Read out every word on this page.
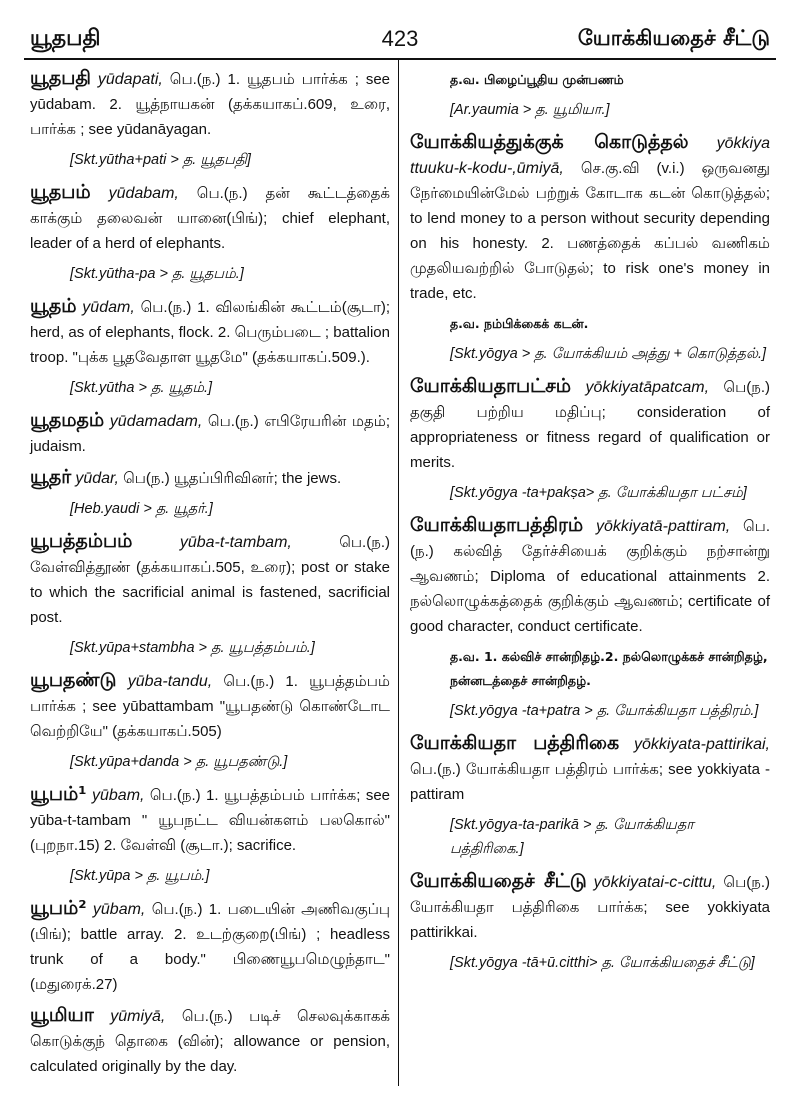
யூதபதி	423	யோக்கியதைச் சீட்டு
யூதபதி yūdapati, பெ.(ந.) 1. யூதபம் பார்க்க ; see yūdabam. 2. யூத்நாயகன் (தக்கயாகப்.609, உரை, பார்க்க ; see yūdanāyagan.
[Skt.yūtha+pati > த. யூதபதி]
யூதபம் yūdabam, பெ.(ந.) தன் கூட்டத்தைக் காக்கும் தலைவன் யானை(பிங்); chief elephant, leader of a herd of elephants.
[Skt.yūtha-pa > த. யூதபம்.]
யூதம் yūdam, பெ.(ந.) 1. விலங்கின் கூட்டம்(சூடா); herd, as of elephants, flock. 2. பெரும்படை ; battalion troop. "புக்க பூதவேதாள யூதமே" (தக்கயாகப்.509.).
[Skt.yūtha > த. யூதம்.]
யூதமதம் yūdamadam, பெ.(ந.) எபிரேயரின் மதம்; judaism.
யூதர் yūdar, பெ(ந.) யூதப்பிரிவினர்; the jews.
[Heb.yaudi > த. யூதர்.]
யூபத்தம்பம்	yūba-t-tambam,	பெ.(ந.) வேள்வித்தூண் (தக்கயாகப்.505, உரை); post or stake to which the sacrificial animal is fastened, sacrificial post.
[Skt.yūpa+stambha > த. யூபத்தம்பம்.]
யூபதண்டு yūba-tandu, பெ.(ந.) 1. யூபத்தம்பம் பார்க்க ; see yūbattambam "யூபதண்டு கொண்டோட வெற்றியே" (தக்கயாகப்.505)
[Skt.yūpa+danda > த. யூபதண்டு.]
யூபம்¹ yūbam, பெ.(ந.) 1. யூபத்தம்பம் பார்க்க; see yūba-t-tambam " யூபநட்ட வியன்களம் பலகொல்" (புறநா.15) 2. வேள்வி (சூடா.); sacrifice.
[Skt.yūpa > த. யூபம்.]
யூபம்² yūbam, பெ.(ந.) 1. படையின் அணிவகுப்பு (பிங்); battle array. 2. உடற்குறை(பிங்) ; headless trunk of a body." பிணையூபமெழுந்தாட" (மதுரைக்.27)
யூமியா yūmiyā, பெ.(ந.) படிச் செலவுக்காகக் கொடுக்குந் தொகை (வின்); allowance or pension, calculated originally by the day.
த.வ. பிழைப்பூதிய முன்பணம்
[Ar.yaumia > த. யூமியா.]
யோக்கியத்துக்குக் கொடுத்தல் yōkkiya ttuuku-k-kodu-,ūmiyā, செ.கு.வி (v.i.) ஒருவனது நேர்மையின்மேல் பற்றுக் கோடாக கடன் கொடுத்தல்; to lend money to a person without security depending on his honesty. 2. பணத்தைக் கப்பல் வணிகம் முதலியவற்றில் போடுதல்; to risk one's money in trade, etc.
த.வ. நம்பிக்கைக் கடன்.
[Skt.yōgya > த. யோக்கியம் அத்து + கொடுத்தல்.]
யோக்கியதாபட்சம் yōkkiyatāpatcam, பெ(ந.) தகுதி பற்றிய மதிப்பு; consideration of appropriateness or fitness regard of qualification or merits.
[Skt.yōgya -ta+pakṣa> த. யோக்கியதா பட்சம்]
யோக்கியதாபத்திரம் yōkkiyatā-pattiram, பெ.(ந.) கல்வித் தேர்ச்சியைக் குறிக்கும் நற்சான்று ஆவணம்; Diploma of educational attainments 2. நல்லொழுக்கத்தைக் குறிக்கும் ஆவணம்; certificate of good character, conduct certificate.
த.வ. 1. கல்விச் சான்றிதழ்.2. நல்லொழுக்கச் சான்றிதழ், நன்னடத்தைச் சான்றிதழ்.
[Skt.yōgya -ta+patra > த. யோக்கியதா பத்திரம்.]
யோக்கியதா பத்திரிகை yōkkiyata-pattirikai, பெ.(ந.) யோக்கியதா பத்திரம் பார்க்க; see yokkiyata - pattiram
[Skt.yōgya-ta-parikā > த. யோக்கியதா பத்திரிகை.]
யோக்கியதைச் சீட்டு yōkkiyatai-c-cittu, பெ(ந.) யோக்கியதா பத்திரிகை பார்க்க; see yokkiyata pattirikkai.
[Skt.yōgya -tā+ū.citthi> த. யோக்கியதைச் சீட்டு]
